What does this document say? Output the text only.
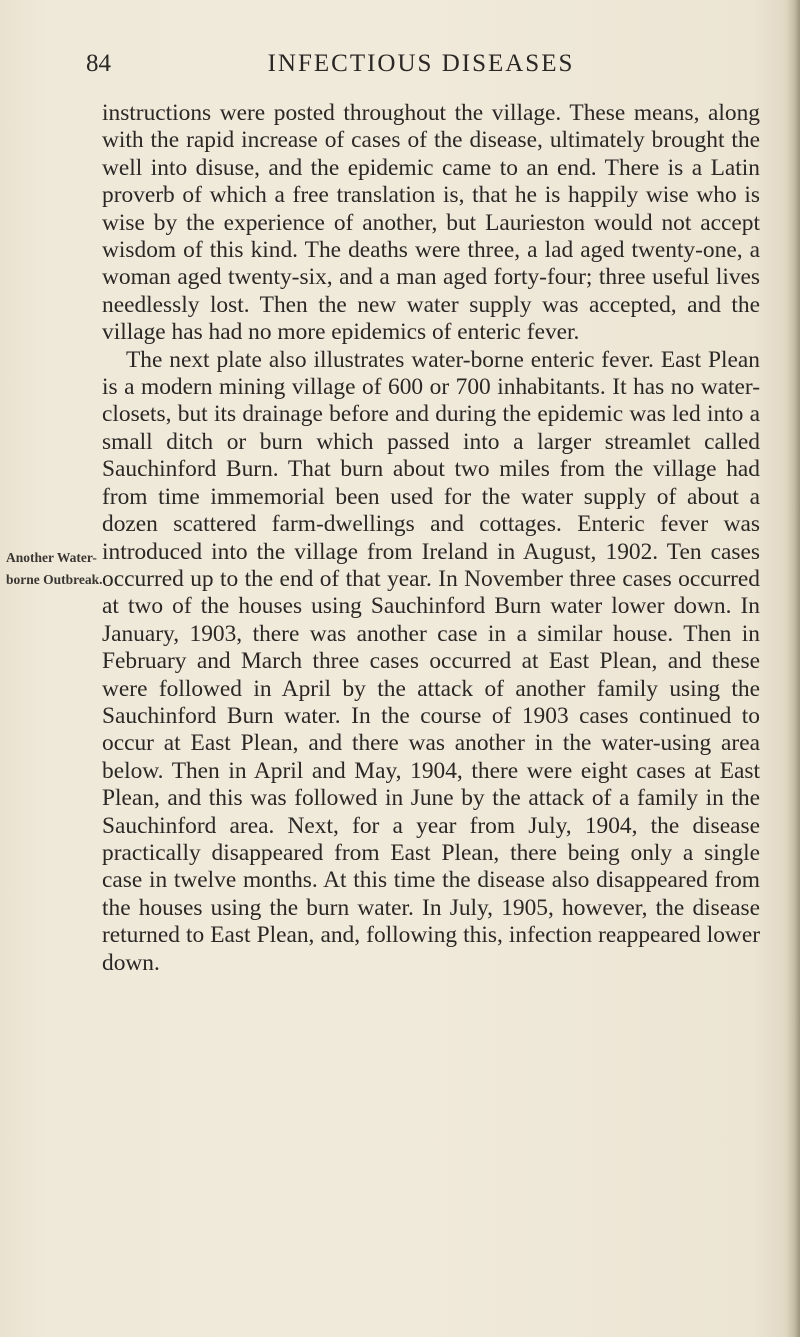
84	INFECTIOUS DISEASES
Another Water-
borne Outbreak.

instructions were posted throughout the village. These means, along with the rapid increase of cases of the disease, ultimately brought the well into disuse, and the epidemic came to an end. There is a Latin proverb of which a free translation is, that he is happily wise who is wise by the experience of another, but Laurieston would not accept wisdom of this kind. The deaths were three, a lad aged twenty-one, a woman aged twenty-six, and a man aged forty-four; three useful lives needlessly lost. Then the new water supply was accepted, and the village has had no more epidemics of enteric fever.

The next plate also illustrates water-borne enteric fever. East Plean is a modern mining village of 600 or 700 inhabitants. It has no water-closets, but its drainage before and during the epidemic was led into a small ditch or burn which passed into a larger streamlet called Sauchinford Burn. That burn about two miles from the village had from time immemorial been used for the water supply of about a dozen scattered farm-dwellings and cottages. Enteric fever was introduced into the village from Ireland in August, 1902. Ten cases occurred up to the end of that year. In November three cases occurred at two of the houses using Sauchinford Burn water lower down. In January, 1903, there was another case in a similar house. Then in February and March three cases occurred at East Plean, and these were followed in April by the attack of another family using the Sauchinford Burn water. In the course of 1903 cases continued to occur at East Plean, and there was another in the water-using area below. Then in April and May, 1904, there were eight cases at East Plean, and this was followed in June by the attack of a family in the Sauchinford area. Next, for a year from July, 1904, the disease practically disappeared from East Plean, there being only a single case in twelve months. At this time the disease also disappeared from the houses using the burn water. In July, 1905, however, the disease returned to East Plean, and, following this, infection reappeared lower down.
